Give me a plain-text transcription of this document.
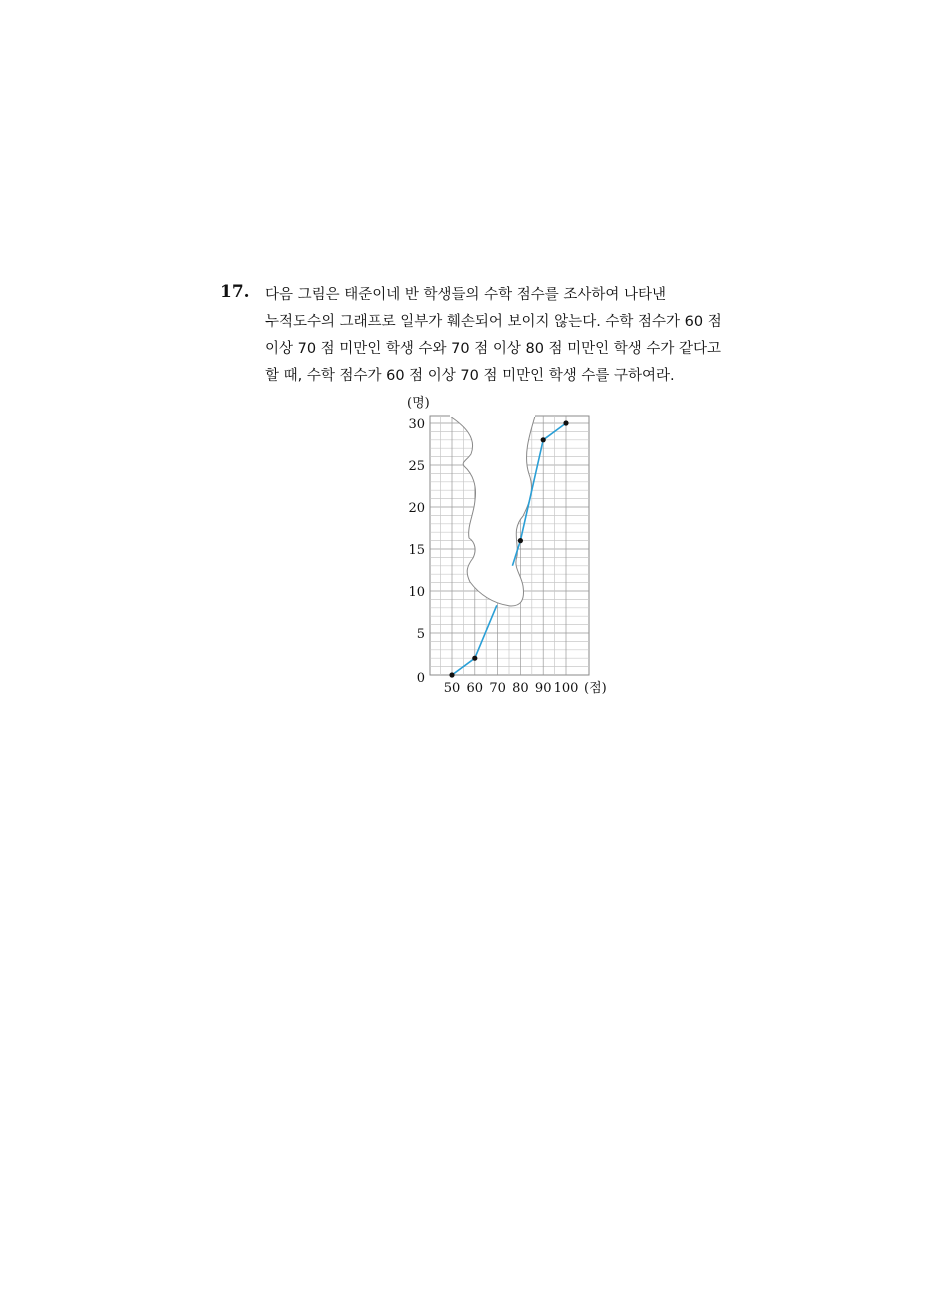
17. 다음 그림은 태준이네 반 학생들의 수학 점수를 조사하여 나타낸
누적도수의 그래프로 일부가 훼손되어 보이지 않는다. 수학 점수가 60 점
이상 70 점 미만인 학생 수와 70 점 이상 80 점 미만인 학생 수가 같다고
할 때, 수학 점수가 60 점 이상 70 점 미만인 학생 수를 구하여라.
0
5
10
15
20
25
30
50 60 70 80 90 100 (점)
(명)
